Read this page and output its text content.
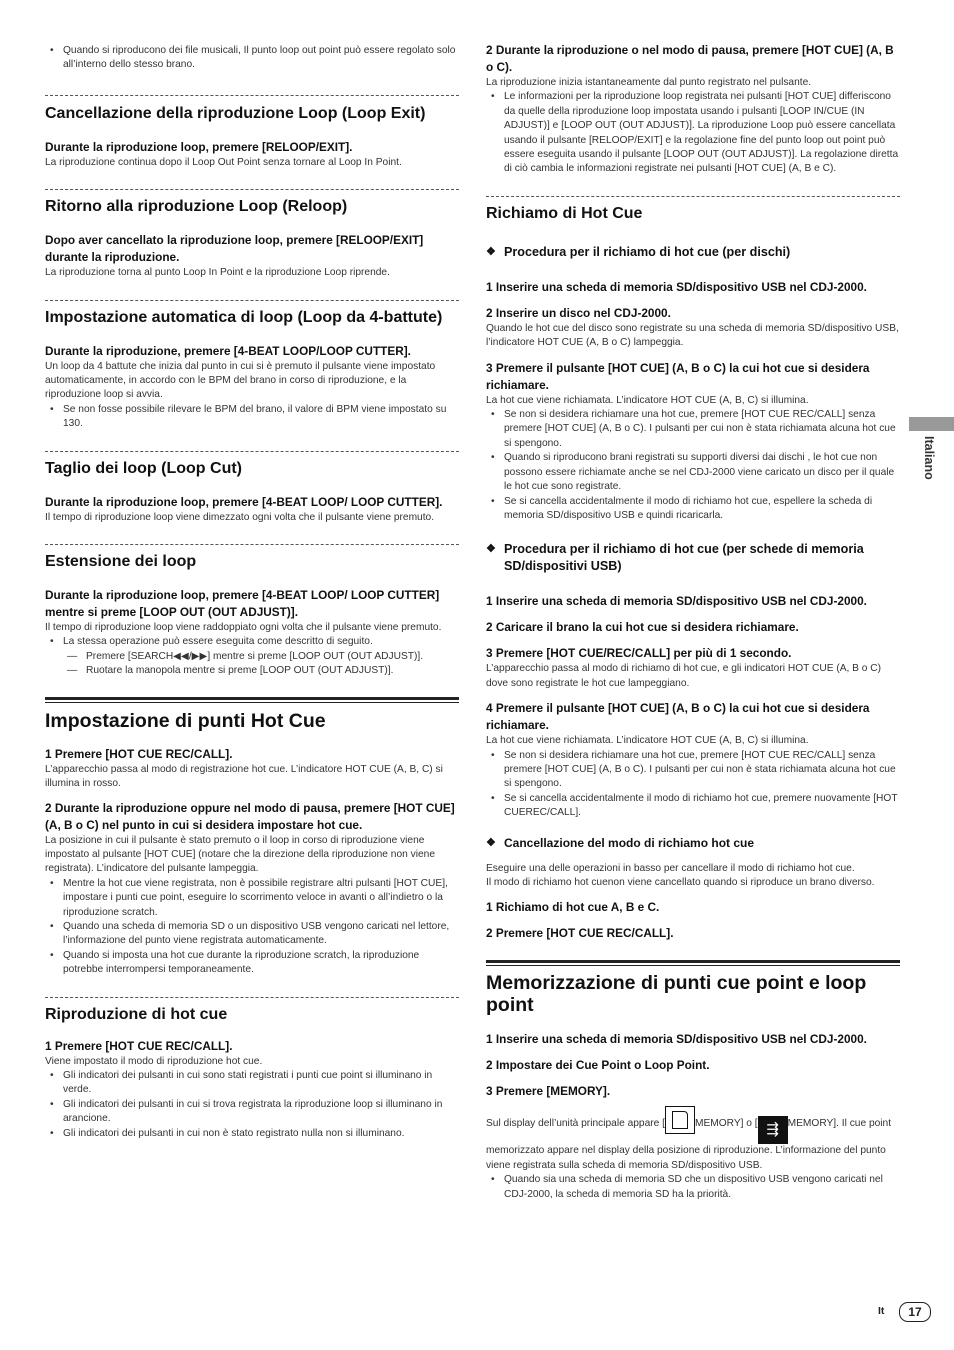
• Quando si riproducono dei file musicali, Il punto loop out point può essere regolato solo all’interno dello stesso brano.

Cancellazione della riproduzione Loop (Loop Exit)

Durante la riproduzione loop, premere [RELOOP/EXIT].

La riproduzione continua dopo il Loop Out Point senza tornare al Loop In Point.

Ritorno alla riproduzione Loop (Reloop)

Dopo aver cancellato la riproduzione loop, premere [RELOOP/EXIT] durante la riproduzione.

La riproduzione torna al punto Loop In Point e la riproduzione Loop riprende.

Impostazione automatica di loop (Loop da 4-battute)

Durante la riproduzione, premere [4-BEAT LOOP/LOOP CUTTER].

Un loop da 4 battute che inizia dal punto in cui si è premuto il pulsante viene impostato automaticamente, in accordo con le BPM del brano in corso di riproduzione, e la riproduzione loop si avvia.

• Se non fosse possibile rilevare le BPM del brano, il valore di BPM viene impostato su 130.

Taglio dei loop (Loop Cut)

Durante la riproduzione loop, premere [4-BEAT LOOP/ LOOP CUTTER].

Il tempo di riproduzione loop viene dimezzato ogni volta che il pulsante viene premuto.

Estensione dei loop

Durante la riproduzione loop, premere [4-BEAT LOOP/ LOOP CUTTER] mentre si preme [LOOP OUT (OUT ADJUST)].

Il tempo di riproduzione loop viene raddoppiato ogni volta che il pulsante viene premuto.

• La stessa operazione può essere eseguita come descritto di seguito.
— Premere [SEARCH◀◀/▶▶] mentre si preme [LOOP OUT (OUT ADJUST)].
— Ruotare la manopola mentre si preme [LOOP OUT (OUT ADJUST)].

Impostazione di punti Hot Cue

1 Premere [HOT CUE REC/CALL].

L’apparecchio passa al modo di registrazione hot cue. L’indicatore HOT CUE (A, B, C) si illumina in rosso.

2 Durante la riproduzione oppure nel modo di pausa, premere [HOT CUE] (A, B o C) nel punto in cui si desidera impostare hot cue.

La posizione in cui il pulsante è stato premuto o il loop in corso di riproduzione viene impostato al pulsante [HOT CUE] (notare che la direzione della riproduzione non viene registrata). L’indicatore del pulsante lampeggia.

• Mentre la hot cue viene registrata, non è possibile registrare altri pulsanti [HOT CUE], impostare i punti cue point, eseguire lo scorrimento veloce in avanti o all’indietro o la riproduzione scratch.
• Quando una scheda di memoria SD o un dispositivo USB vengono caricati nel lettore, l’informazione del punto viene registrata automaticamente.
• Quando si imposta una hot cue durante la riproduzione scratch, la riproduzione potrebbe interrompersi temporaneamente.

Riproduzione di hot cue

1 Premere [HOT CUE REC/CALL].

Viene impostato il modo di riproduzione hot cue.

• Gli indicatori dei pulsanti in cui sono stati registrati i punti cue point si illuminano in verde.
• Gli indicatori dei pulsanti in cui si trova registrata la riproduzione loop si illuminano in arancione.
• Gli indicatori dei pulsanti in cui non è stato registrato nulla non si illuminano.

2 Durante la riproduzione o nel modo di pausa, premere [HOT CUE] (A, B o C).

La riproduzione inizia istantaneamente dal punto registrato nel pulsante.

• Le informazioni per la riproduzione loop registrata nei pulsanti [HOT CUE] differiscono da quelle della riproduzione loop impostata usando i pulsanti [LOOP IN/CUE (IN ADJUST)] e [LOOP OUT (OUT ADJUST)]. La riproduzione Loop può essere cancellata usando il pulsante [RELOOP/EXIT] e la regolazione fine del punto loop out point può essere eseguita usando il pulsante [LOOP OUT (OUT ADJUST)]. La regolazione diretta di ciò cambia le informazioni registrate nei pulsanti [HOT CUE] (A, B e C).

Richiamo di Hot Cue

❖ Procedura per il richiamo di hot cue (per dischi)

1 Inserire una scheda di memoria SD/dispositivo USB nel CDJ-2000.

2 Inserire un disco nel CDJ-2000.

Quando le hot cue del disco sono registrate su una scheda di memoria SD/dispositivo USB, l’indicatore HOT CUE (A, B o C) lampeggia.

3 Premere il pulsante [HOT CUE] (A, B o C) la cui hot cue si desidera richiamare.

La hot cue viene richiamata. L’indicatore HOT CUE (A, B, C) si illumina.

• Se non si desidera richiamare una hot cue, premere [HOT CUE REC/CALL] senza premere [HOT CUE] (A, B o C). I pulsanti per cui non è stata richiamata alcuna hot cue si spengono.
• Quando si riproducono brani registrati su supporti diversi dai dischi , le hot cue non possono essere richiamate anche se nel CDJ-2000 viene caricato un disco per il quale le hot cue sono registrate.
• Se si cancella accidentalmente il modo di richiamo hot cue, espellere la scheda di memoria SD/dispositivo USB e quindi ricaricarla.

❖ Procedura per il richiamo di hot cue (per schede di memoria SD/dispositivi USB)

1 Inserire una scheda di memoria SD/dispositivo USB nel CDJ-2000.

2 Caricare il brano la cui hot cue si desidera richiamare.

3 Premere [HOT CUE/REC/CALL] per più di 1 secondo.

L’apparecchio passa al modo di richiamo di hot cue, e gli indicatori HOT CUE (A, B o C) dove sono registrate le hot cue lampeggiano.

4 Premere il pulsante [HOT CUE] (A, B o C) la cui hot cue si desidera richiamare.

La hot cue viene richiamata. L’indicatore HOT CUE (A, B, C) si illumina.

• Se non si desidera richiamare una hot cue, premere [HOT CUE REC/CALL] senza premere [HOT CUE] (A, B o C). I pulsanti per cui non è stata richiamata alcuna hot cue si spengono.
• Se si cancella accidentalmente il modo di richiamo hot cue, premere nuovamente [HOT CUEREC/CALL].

❖ Cancellazione del modo di richiamo hot cue

Eseguire una delle operazioni in basso per cancellare il modo di richiamo hot cue.

Il modo di richiamo hot cuenon viene cancellato quando si riproduce un brano diverso.

1 Richiamo di hot cue A, B e C.

2 Premere [HOT CUE REC/CALL].

Memorizzazione di punti cue point e loop point

1 Inserire una scheda di memoria SD/dispositivo USB nel CDJ-2000.

2 Impostare dei Cue Point o Loop Point.

3 Premere [MEMORY].

Sul display dell’unità principale appare [	MEMORY] o [ ⇶ MEMORY]. Il cue point memorizzato appare nel display della posizione di riproduzione. L’informazione del punto viene registrata sulla scheda di memoria SD/dispositivo USB.

• Quando sia una scheda di memoria SD che un dispositivo USB vengono caricati nel CDJ-2000, la scheda di memoria SD ha la priorità.
Italiano
It	17
